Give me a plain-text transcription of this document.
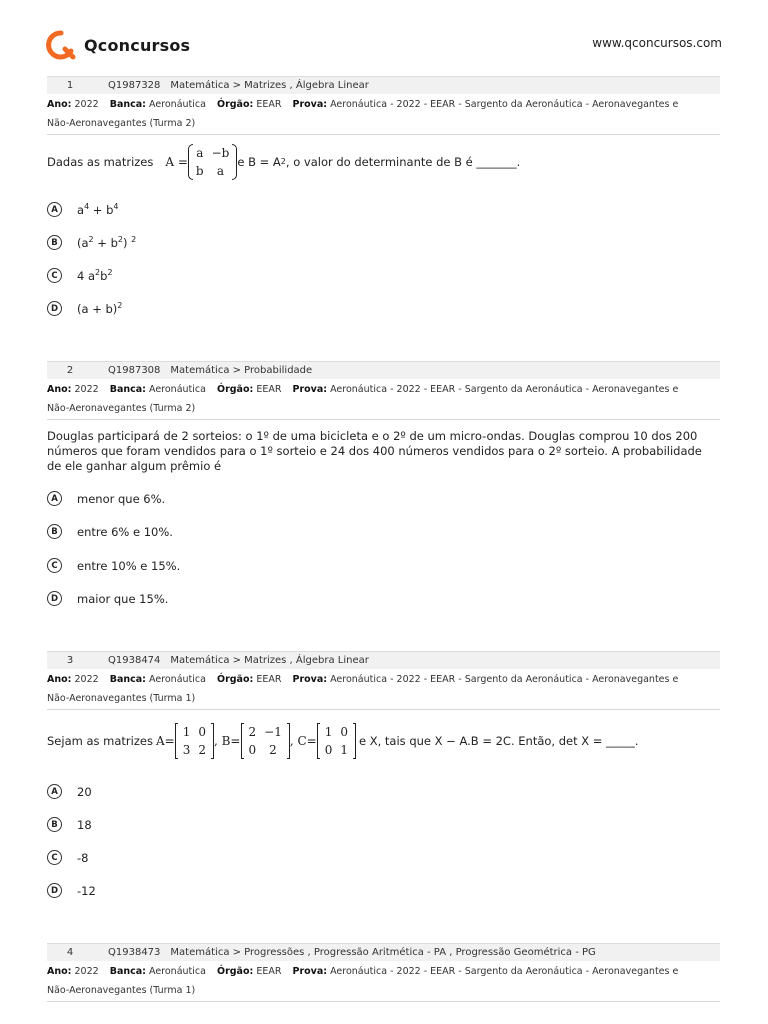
Qconcursos	www.qconcursos.com
1	Q1987328 Matemática > Matrizes , Álgebra Linear
Ano: 2022 Banca: Aeronáutica Órgão: EEAR Prova: Aeronáutica - 2022 - EEAR - Sargento da Aeronáutica - Aeronavegantes e
Não-Aeronavegantes (Turma 2)
Dadas as matrizes A =
a	−b
b	a
e B = A 2 , o valor do determinante de B é _______.
A	$a^4 + b^4$
B	$(a^2 + b^2)$ $^2$
C	4 $a^2b^2$
D	$(a + b)^2$
2	Q1987308 Matemática > Probabilidade
Ano: 2022 Banca: Aeronáutica Órgão: EEAR Prova: Aeronáutica - 2022 - EEAR - Sargento da Aeronáutica - Aeronavegantes e
Não-Aeronavegantes (Turma 2)
Douglas participará de 2 sorteios: o 1º de uma bicicleta e o 2º de um micro-ondas. Douglas comprou 10 dos 200 números que foram vendidos para o 1º sorteio e 24 dos 400 números vendidos para o 2º sorteio. A probabilidade de ele ganhar algum prêmio é
A	menor que 6%.
B	entre 6% e 10%.
C	entre 10% e 15%.
D	maior que 15%.
3	Q1938474 Matemática > Matrizes , Álgebra Linear
Ano: 2022 Banca: Aeronáutica Órgão: EEAR Prova: Aeronáutica - 2022 - EEAR - Sargento da Aeronáutica - Aeronavegantes e
Não-Aeronavegantes (Turma 1)
Sejam as matrizes A=
1	0
3	2
, B=
2	−1
0	2
, C=
1	0
0	1
e X, tais que X − A.B = 2C. Então, det X = _____.
A	20
B	18
C	-8
D	-12
4	Q1938473 Matemática > Progressões , Progressão Aritmética - PA , Progressão Geométrica - PG
Ano: 2022 Banca: Aeronáutica Órgão: EEAR Prova: Aeronáutica - 2022 - EEAR - Sargento da Aeronáutica - Aeronavegantes e
Não-Aeronavegantes (Turma 1)
